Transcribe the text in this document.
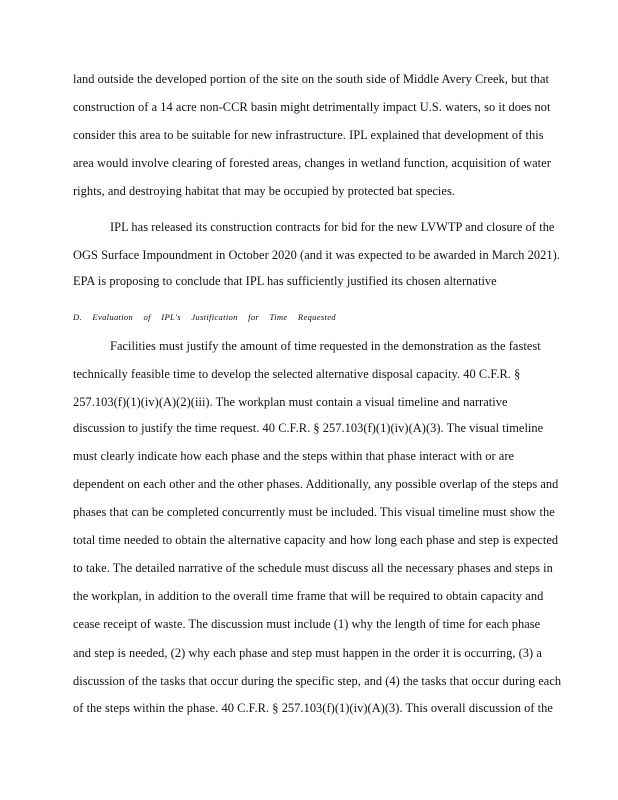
land outside the developed portion of the site on the south side of Middle Avery Creek, but that
construction of a 14 acre non-CCR basin might detrimentally impact U.S. waters, so it does not
consider this area to be suitable for new infrastructure. IPL explained that development of this
area would involve clearing of forested areas, changes in wetland function, acquisition of water
rights, and destroying habitat that may be occupied by protected bat species.
IPL has released its construction contracts for bid for the new LVWTP and closure of the
OGS Surface Impoundment in October 2020 (and it was expected to be awarded in March 2021).
EPA is proposing to conclude that IPL has sufficiently justified its chosen alternative
D. Evaluation of IPL's Justification for Time Requested
Facilities must justify the amount of time requested in the demonstration as the fastest
technically feasible time to develop the selected alternative disposal capacity. 40 C.F.R. §
257.103(f)(1)(iv)(A)(2)(iii). The workplan must contain a visual timeline and narrative
discussion to justify the time request. 40 C.F.R. § 257.103(f)(1)(iv)(A)(3). The visual timeline
must clearly indicate how each phase and the steps within that phase interact with or are
dependent on each other and the other phases. Additionally, any possible overlap of the steps and
phases that can be completed concurrently must be included. This visual timeline must show the
total time needed to obtain the alternative capacity and how long each phase and step is expected
to take. The detailed narrative of the schedule must discuss all the necessary phases and steps in
the workplan, in addition to the overall time frame that will be required to obtain capacity and
cease receipt of waste. The discussion must include (1) why the length of time for each phase
and step is needed, (2) why each phase and step must happen in the order it is occurring, (3) a
discussion of the tasks that occur during the specific step, and (4) the tasks that occur during each
of the steps within the phase. 40 C.F.R. § 257.103(f)(1)(iv)(A)(3). This overall discussion of the
